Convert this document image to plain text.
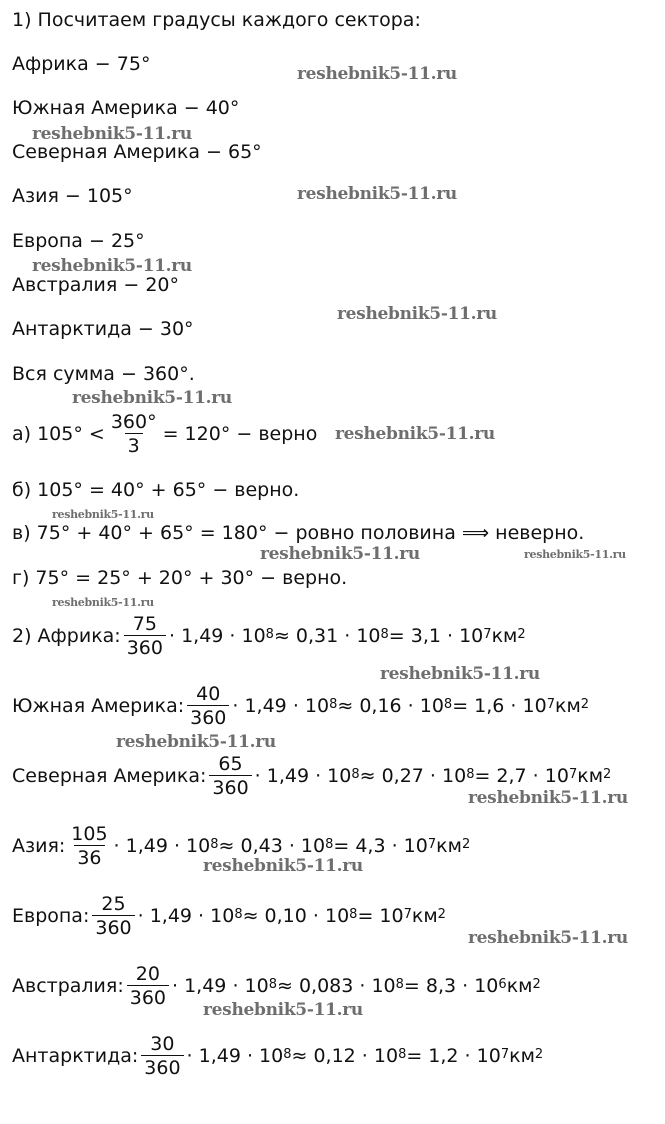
1) Посчитаем градусы каждого сектора:
Африка − 75°
Южная Америка − 40°
Северная Америка − 65°
Азия − 105°
Европа − 25°
Австралия − 20°
Антарктида − 30°
Вся сумма − 360°.
а) $105^\circ < \frac{360^\circ}{3} = 120^\circ$ − верно
б) 105° = 40° + 65° − верно.
в) 75° + 40° + 65° = 180° − ровно половина ⟹ неверно.
г) 75° = 25° + 20° + 30° − верно.
2) Африка: $\frac{75}{360} \cdot 1,49 \cdot 10^8 \approx 0,31 \cdot 10^8 = 3,1 \cdot 10^7$ $км^2$
Южная Америка: $\frac{40}{360} \cdot 1,49 \cdot 10^8 \approx 0,16 \cdot 10^8 = 1,6 \cdot 10^7$ $км^2$
Северная Америка: $\frac{65}{360} \cdot 1,49 \cdot 10^8 \approx 0,27 \cdot 10^8 = 2,7 \cdot 10^7$ $км^2$
Азия: $\frac{105}{36} \cdot 1,49 \cdot 10^8 \approx 0,43 \cdot 10^8 = 4,3 \cdot 10^7$ $км^2$
Европа: $\frac{25}{360} \cdot 1,49 \cdot 10^8 \approx 0,10 \cdot 10^8 = 10^7$ $км^2$
Австралия: $\frac{20}{360} \cdot 1,49 \cdot 10^8 \approx 0,083 \cdot 10^8 = 8,3 \cdot 10^6$ $км^2$
Антарктида: $\frac{30}{360} \cdot 1,49 \cdot 10^8 \approx 0,12 \cdot 10^8 = 1,2 \cdot 10^7$ $км^2$
reshebnik5-11.ru
reshebnik5-11.ru
reshebnik5-11.ru
reshebnik5-11.ru
reshebnik5-11.ru
reshebnik5-11.ru
reshebnik5-11.ru
reshebnik5-11.ru
reshebnik5-11.ru	reshebnik5-11.ru
reshebnik5-11.ru
reshebnik5-11.ru
reshebnik5-11.ru
reshebnik5-11.ru
reshebnik5-11.ru
reshebnik5-11.ru
reshebnik5-11.ru
